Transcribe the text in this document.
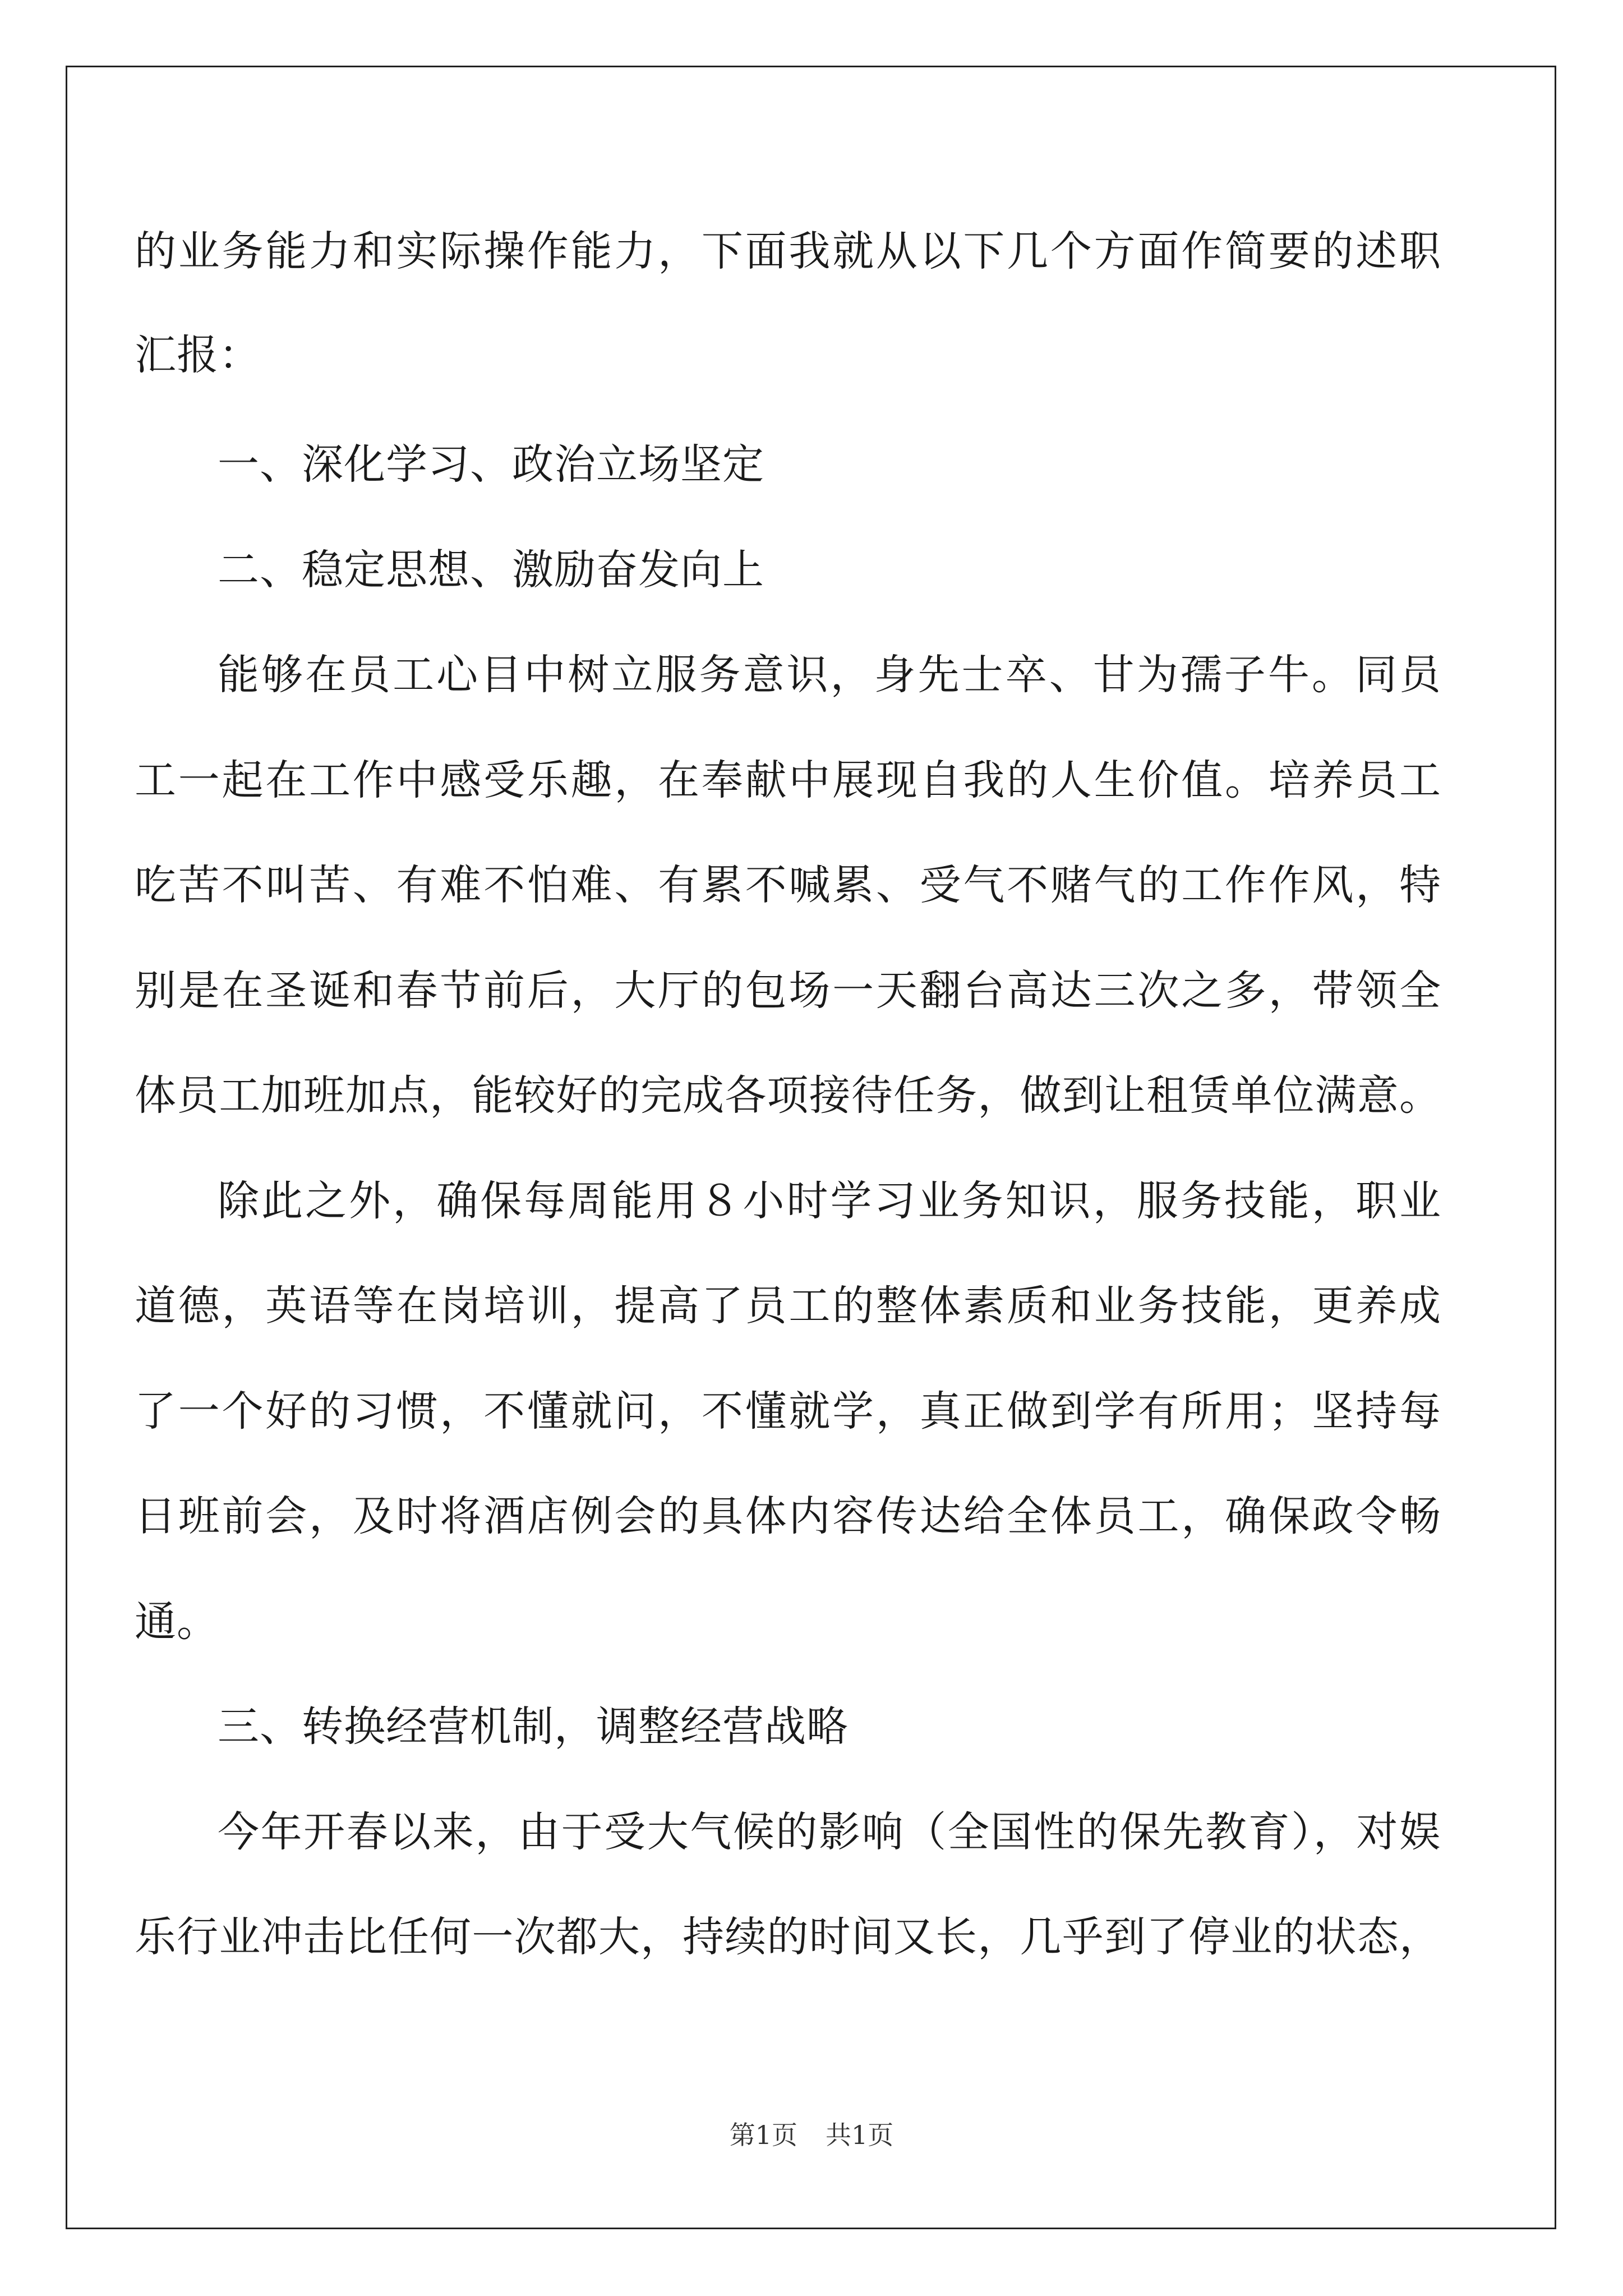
的业务能力和实际操作能力，下面我就从以下几个方面作简要的述职
汇报：
一、深化学习、政治立场坚定
二、稳定思想、激励奋发向上
能够在员工心目中树立服务意识，身先士卒、甘为孺子牛。同员
工一起在工作中感受乐趣，在奉献中展现自我的人生价值。培养员工
吃苦不叫苦、有难不怕难、有累不喊累、受气不赌气的工作作风，特
别是在圣诞和春节前后，大厅的包场一天翻台高达三次之多，带领全
体员工加班加点，能较好的完成各项接待任务，做到让租赁单位满意。
除此之外，确保每周能用８小时学习业务知识，服务技能，职业
道德，英语等在岗培训，提高了员工的整体素质和业务技能，更养成
了一个好的习惯，不懂就问，不懂就学，真正做到学有所用；坚持每
日班前会，及时将酒店例会的具体内容传达给全体员工，确保政令畅
通。
三、转换经营机制，调整经营战略
今年开春以来，由于受大气候的影响（全国性的保先教育），对娱
乐行业冲击比任何一次都大，持续的时间又长，几乎到了停业的状态，
第1页 共1页
